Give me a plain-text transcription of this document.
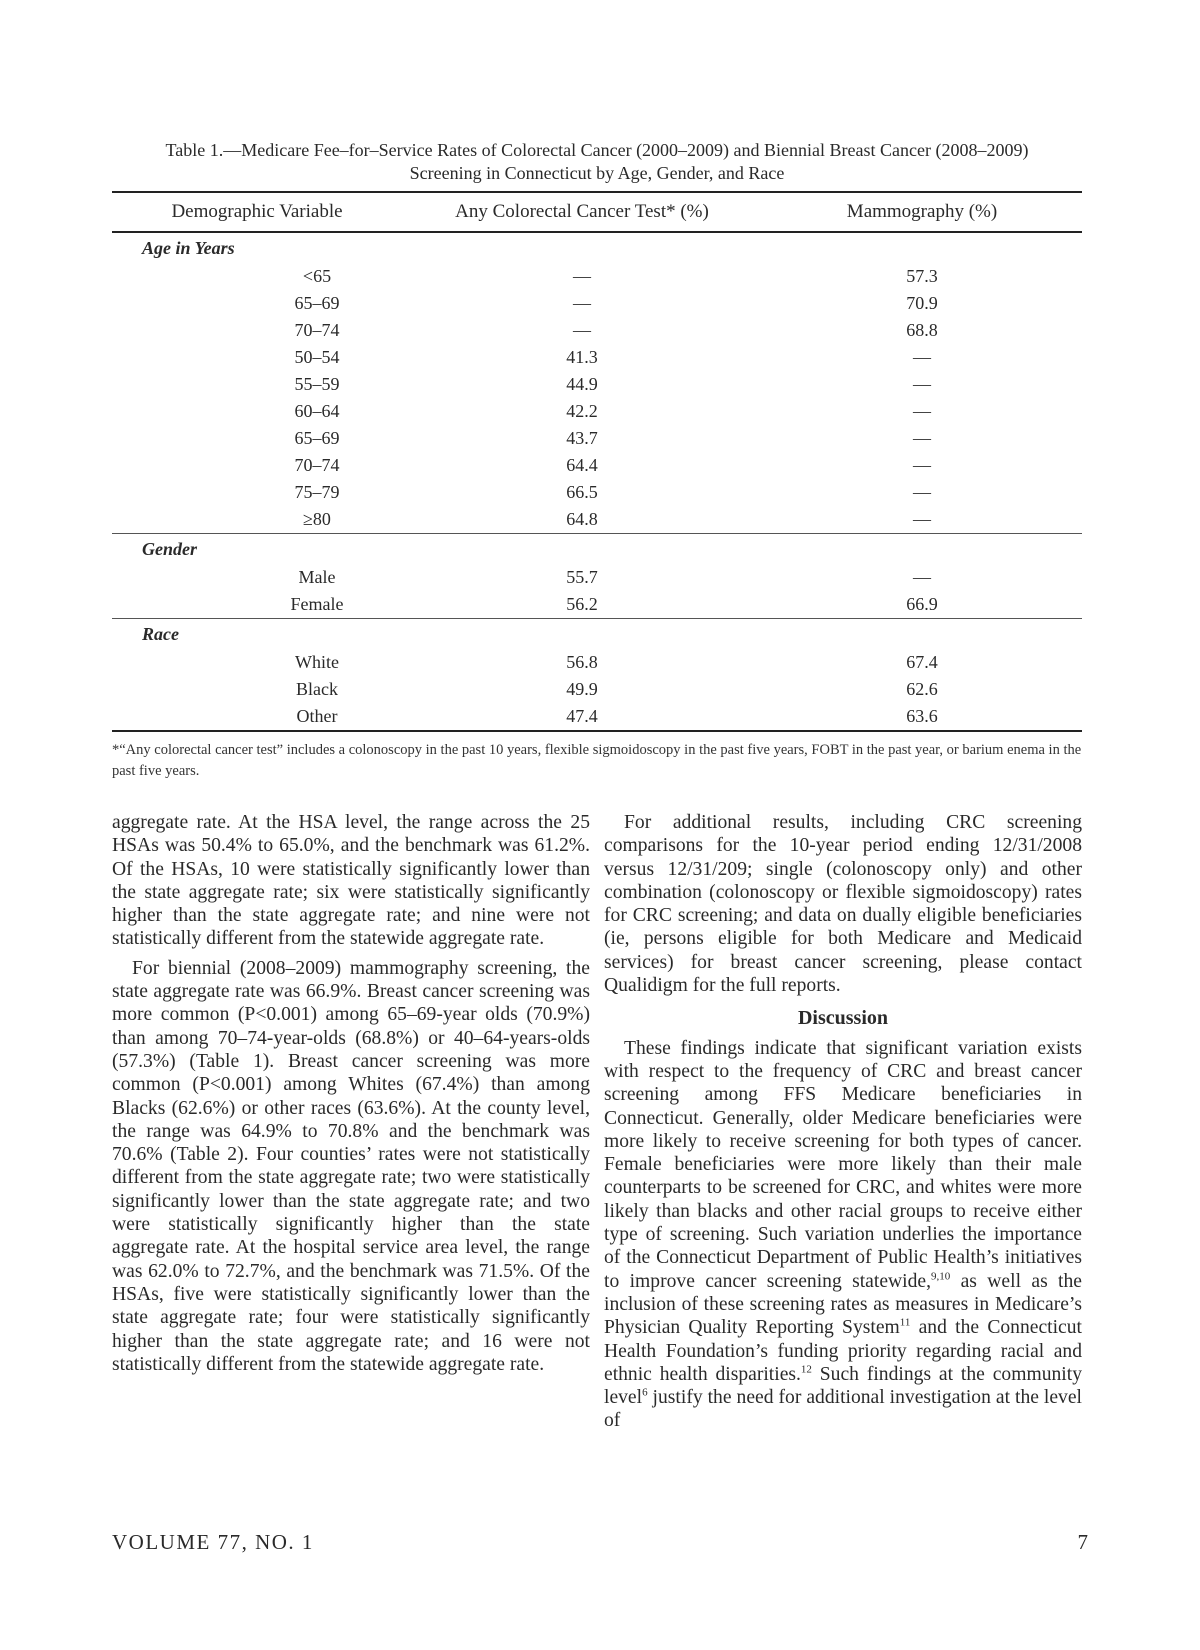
Table 1.—Medicare Fee–for–Service Rates of Colorectal Cancer (2000–2009) and Biennial Breast Cancer (2008–2009)
Screening in Connecticut by Age, Gender, and Race

Demographic Variable	Any Colorectal Cancer Test* (%)	Mammography (%)
Age in Years		
<65	—	57.3
65–69	—	70.9
70–74	—	68.8
50–54	41.3	—
55–59	44.9	—
60–64	42.2	—
65–69	43.7	—
70–74	64.4	—
75–79	66.5	—
≥80	64.8	—
Gender		
Male	55.7	—
Female	56.2	66.9
Race		
White	56.8	67.4
Black	49.9	62.6
Other	47.4	63.6
*“Any colorectal cancer test” includes a colonoscopy in the past 10 years, flexible sigmoidoscopy in the past five years, FOBT in the past year, or barium enema in the past five years.

aggregate rate. At the HSA level, the range across the 25 HSAs was 50.4% to 65.0%, and the benchmark was 61.2%. Of the HSAs, 10 were statistically significantly lower than the state aggregate rate; six were statistically significantly higher than the state aggregate rate; and nine were not statistically different from the statewide aggregate rate.

For biennial (2008–2009) mammography screening, the state aggregate rate was 66.9%. Breast cancer screening was more common (P<0.001) among 65–69-year olds (70.9%) than among 70–74-year-olds (68.8%) or 40–64-years-olds (57.3%) (Table 1). Breast cancer screening was more common (P<0.001) among Whites (67.4%) than among Blacks (62.6%) or other races (63.6%). At the county level, the range was 64.9% to 70.8% and the benchmark was 70.6% (Table 2). Four counties’ rates were not statistically different from the state aggregate rate; two were statistically significantly lower than the state aggregate rate; and two were statistically significantly higher than the state aggregate rate. At the hospital service area level, the range was 62.0% to 72.7%, and the benchmark was 71.5%. Of the HSAs, five were statistically significantly lower than the state aggregate rate; four were statistically significantly higher than the state aggregate rate; and 16 were not statistically different from the statewide aggregate rate.

For additional results, including CRC screening comparisons for the 10-year period ending 12/31/2008 versus 12/31/209; single (colonoscopy only) and other combination (colonoscopy or flexible sigmoidoscopy) rates for CRC screening; and data on dually eligible beneficiaries (ie, persons eligible for both Medicare and Medicaid services) for breast cancer screening, please contact Qualidigm for the full reports.

Discussion

These findings indicate that significant variation exists with respect to the frequency of CRC and breast cancer screening among FFS Medicare beneficiaries in Connecticut. Generally, older Medicare beneficiaries were more likely to receive screening for both types of cancer. Female beneficiaries were more likely than their male counterparts to be screened for CRC, and whites were more likely than blacks and other racial groups to receive either type of screening. Such variation underlies the importance of the Connecticut Department of Public Health’s initiatives to improve cancer screening statewide,$^{9,10}$ as well as the inclusion of these screening rates as measures in Medicare’s Physician Quality Reporting System$^{11}$ and the Connecticut Health Foundation’s funding priority regarding racial and ethnic health disparities.$^{12}$ Such findings at the community level$^6$ justify the need for additional investigation at the level of

VOLUME 77, NO. 1	7
